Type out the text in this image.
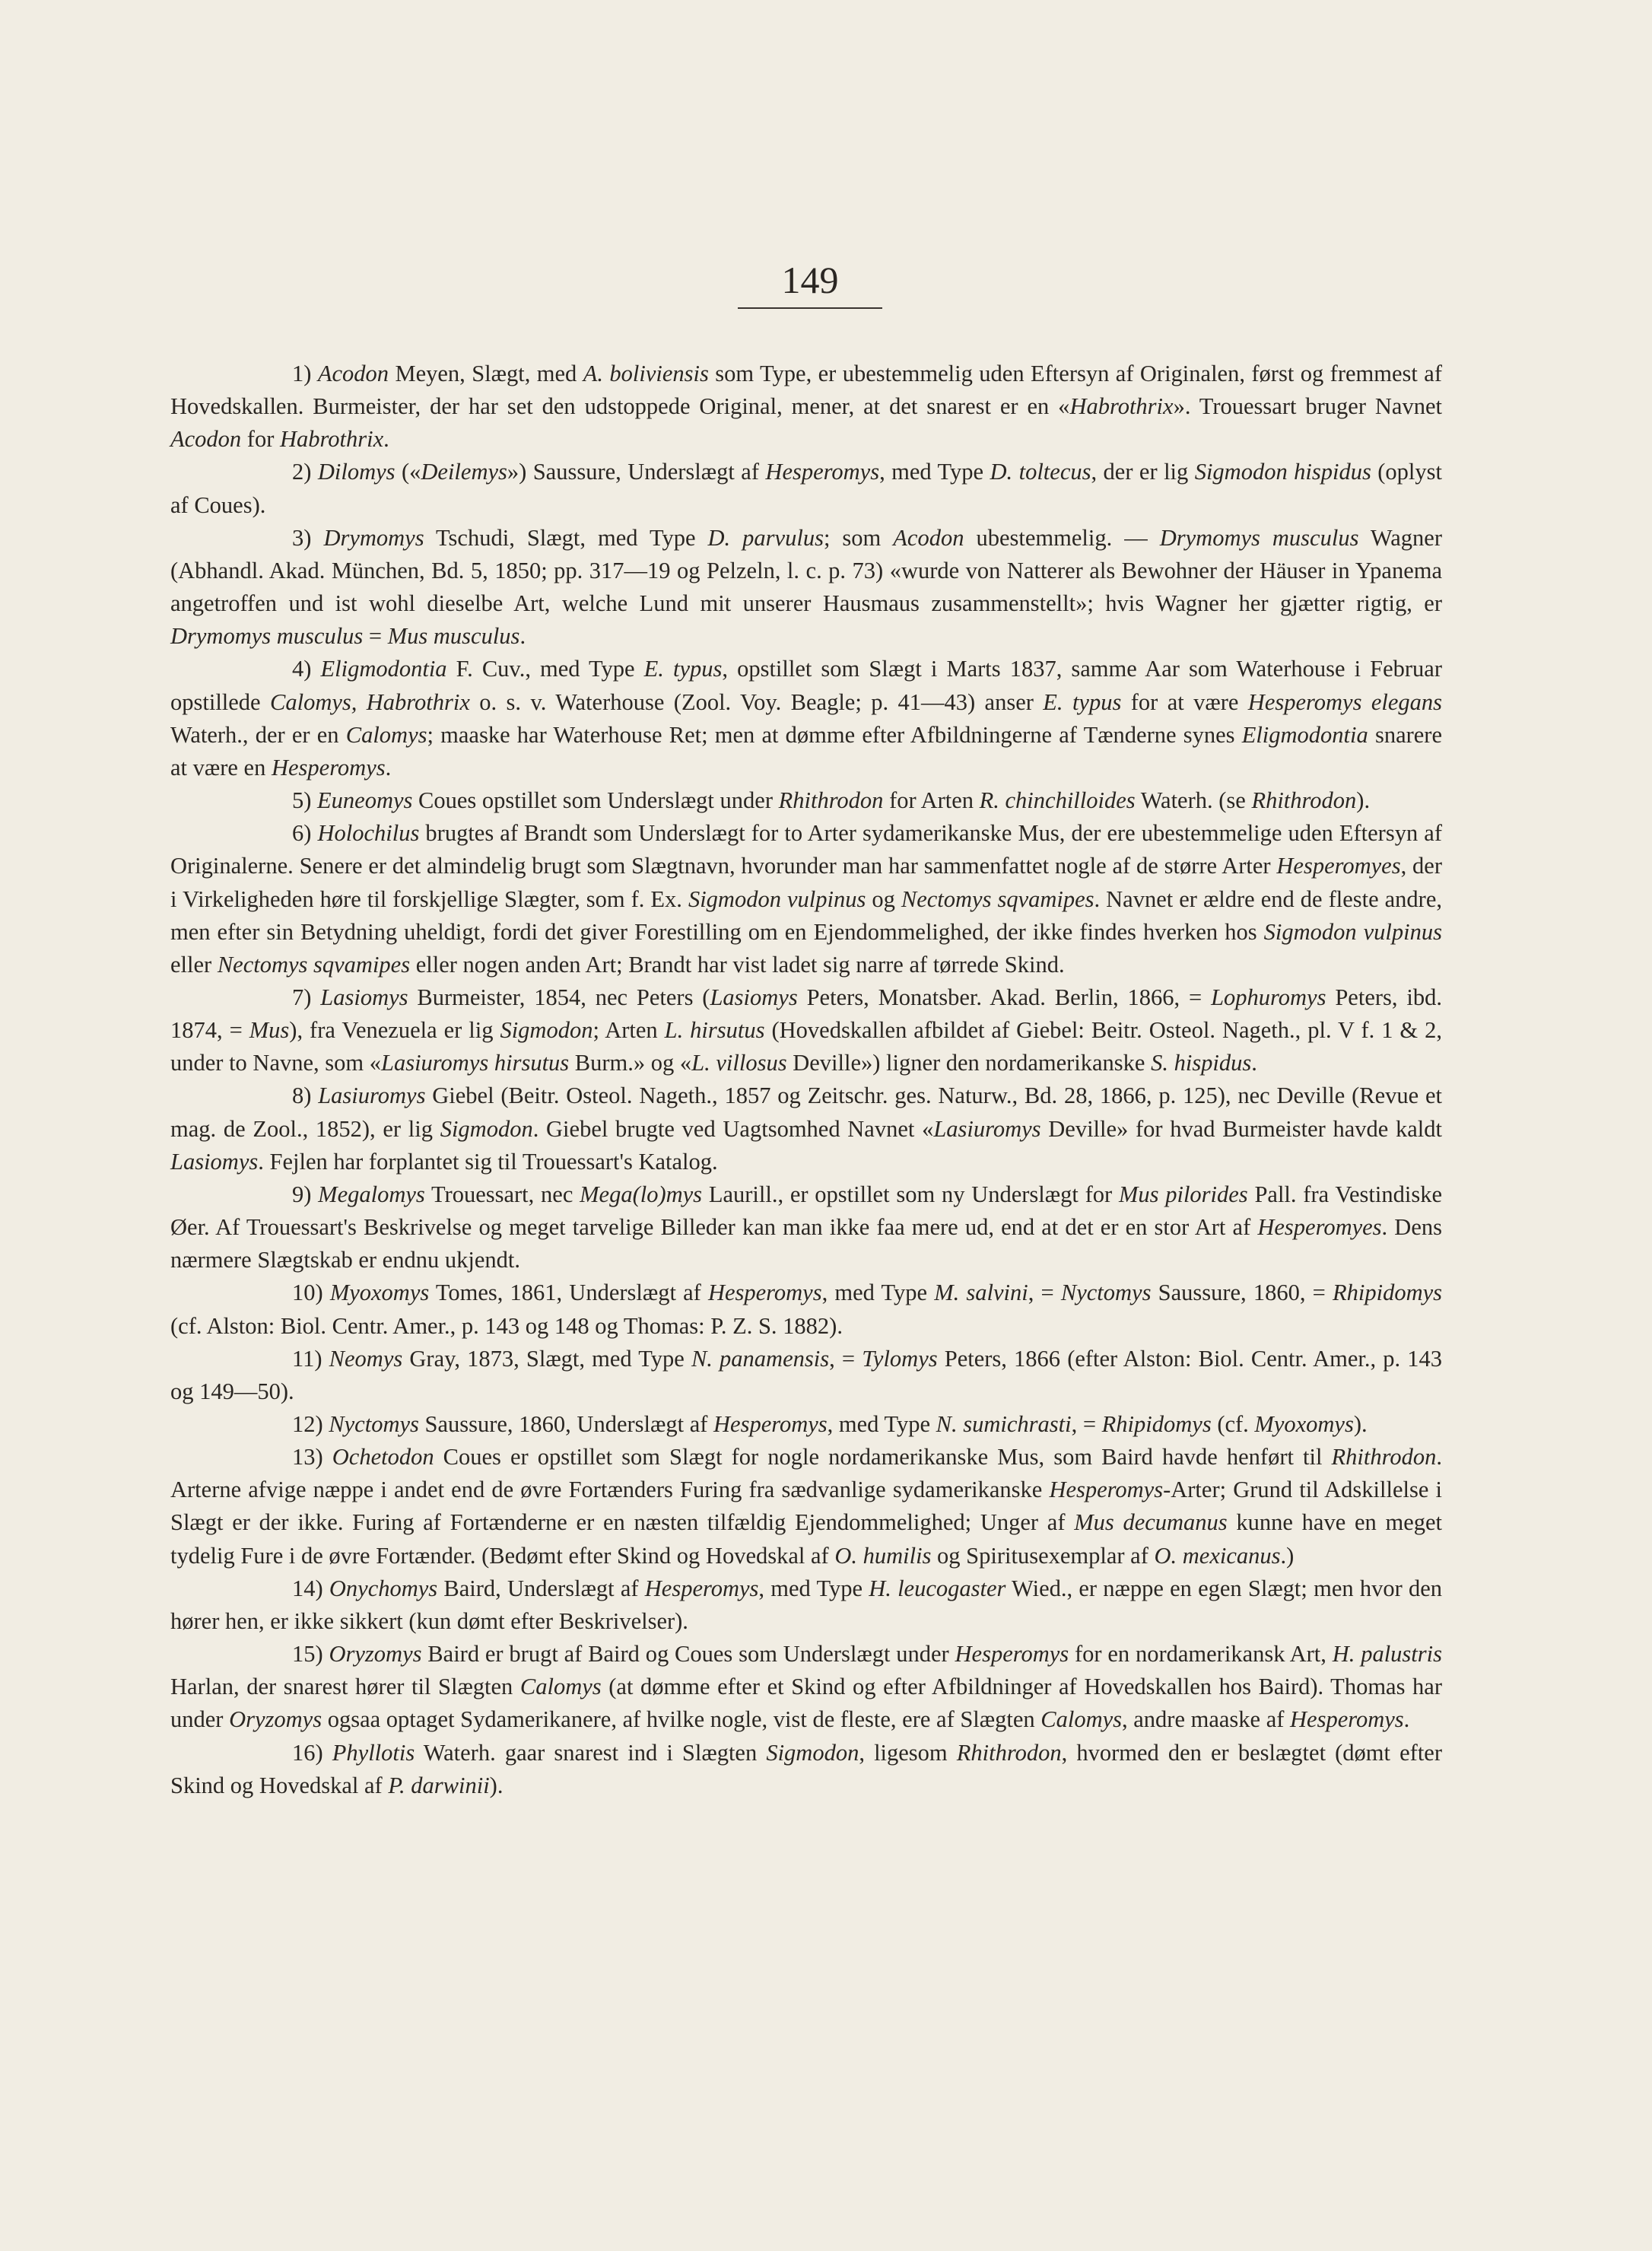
149

1) Acodon Meyen, Slægt, med A. boliviensis som Type, er ubestemmelig uden Eftersyn af Originalen, først og fremmest af Hovedskallen. Burmeister, der har set den udstoppede Original, mener, at det snarest er en «Habrothrix». Trouessart bruger Navnet Acodon for Habrothrix.

2) Dilomys («Deilemys») Saussure, Underslægt af Hesperomys, med Type D. toltecus, der er lig Sigmodon hispidus (oplyst af Coues).

3) Drymomys Tschudi, Slægt, med Type D. parvulus; som Acodon ubestemmelig. — Drymomys musculus Wagner (Abhandl. Akad. München, Bd. 5, 1850; pp. 317—19 og Pelzeln, l. c. p. 73) «wurde von Natterer als Bewohner der Häuser in Ypanema angetroffen und ist wohl dieselbe Art, welche Lund mit unserer Hausmaus zusammenstellt»; hvis Wagner her gjætter rigtig, er Drymomys musculus = Mus musculus.

4) Eligmodontia F. Cuv., med Type E. typus, opstillet som Slægt i Marts 1837, samme Aar som Waterhouse i Februar opstillede Calomys, Habrothrix o. s. v. Waterhouse (Zool. Voy. Beagle; p. 41—43) anser E. typus for at være Hesperomys elegans Waterh., der er en Calomys; maaske har Waterhouse Ret; men at dømme efter Afbildningerne af Tænderne synes Eligmodontia snarere at være en Hesperomys.

5) Euneomys Coues opstillet som Underslægt under Rhithrodon for Arten R. chinchilloides Waterh. (se Rhithrodon).

6) Holochilus brugtes af Brandt som Underslægt for to Arter sydamerikanske Mus, der ere ubestemmelige uden Eftersyn af Originalerne. Senere er det almindelig brugt som Slægtnavn, hvorunder man har sammenfattet nogle af de større Arter Hesperomyes, der i Virkeligheden høre til forskjellige Slægter, som f. Ex. Sigmodon vulpinus og Nectomys sqvamipes. Navnet er ældre end de fleste andre, men efter sin Betydning uheldigt, fordi det giver Forestilling om en Ejendommelighed, der ikke findes hverken hos Sigmodon vulpinus eller Nectomys sqvamipes eller nogen anden Art; Brandt har vist ladet sig narre af tørrede Skind.

7) Lasiomys Burmeister, 1854, nec Peters (Lasiomys Peters, Monatsber. Akad. Berlin, 1866, = Lophuromys Peters, ibd. 1874, = Mus), fra Venezuela er lig Sigmodon; Arten L. hirsutus (Hovedskallen afbildet af Giebel: Beitr. Osteol. Nageth., pl. V f. 1 & 2, under to Navne, som «Lasiuromys hirsutus Burm.» og «L. villosus Deville») ligner den nordamerikanske S. hispidus.

8) Lasiuromys Giebel (Beitr. Osteol. Nageth., 1857 og Zeitschr. ges. Naturw., Bd. 28, 1866, p. 125), nec Deville (Revue et mag. de Zool., 1852), er lig Sigmodon. Giebel brugte ved Uagtsomhed Navnet «Lasiuromys Deville» for hvad Burmeister havde kaldt Lasiomys. Fejlen har forplantet sig til Trouessart's Katalog.

9) Megalomys Trouessart, nec Mega(lo)mys Laurill., er opstillet som ny Underslægt for Mus pilorides Pall. fra Vestindiske Øer. Af Trouessart's Beskrivelse og meget tarvelige Billeder kan man ikke faa mere ud, end at det er en stor Art af Hesperomyes. Dens nærmere Slægtskab er endnu ukjendt.

10) Myoxomys Tomes, 1861, Underslægt af Hesperomys, med Type M. salvini, = Nyctomys Saussure, 1860, = Rhipidomys (cf. Alston: Biol. Centr. Amer., p. 143 og 148 og Thomas: P. Z. S. 1882).

11) Neomys Gray, 1873, Slægt, med Type N. panamensis, = Tylomys Peters, 1866 (efter Alston: Biol. Centr. Amer., p. 143 og 149—50).

12) Nyctomys Saussure, 1860, Underslægt af Hesperomys, med Type N. sumichrasti, = Rhipidomys (cf. Myoxomys).

13) Ochetodon Coues er opstillet som Slægt for nogle nordamerikanske Mus, som Baird havde henført til Rhithrodon. Arterne afvige næppe i andet end de øvre Fortænders Furing fra sædvanlige sydamerikanske Hesperomys-Arter; Grund til Adskillelse i Slægt er der ikke. Furing af Fortænderne er en næsten tilfældig Ejendommelighed; Unger af Mus decumanus kunne have en meget tydelig Fure i de øvre Fortænder. (Bedømt efter Skind og Hovedskal af O. humilis og Spiritusexemplar af O. mexicanus.)

14) Onychomys Baird, Underslægt af Hesperomys, med Type H. leucogaster Wied., er næppe en egen Slægt; men hvor den hører hen, er ikke sikkert (kun dømt efter Beskrivelser).

15) Oryzomys Baird er brugt af Baird og Coues som Underslægt under Hesperomys for en nordamerikansk Art, H. palustris Harlan, der snarest hører til Slægten Calomys (at dømme efter et Skind og efter Afbildninger af Hovedskallen hos Baird). Thomas har under Oryzomys ogsaa optaget Sydamerikanere, af hvilke nogle, vist de fleste, ere af Slægten Calomys, andre maaske af Hesperomys.

16) Phyllotis Waterh. gaar snarest ind i Slægten Sigmodon, ligesom Rhithrodon, hvormed den er beslægtet (dømt efter Skind og Hovedskal af P. darwinii).
